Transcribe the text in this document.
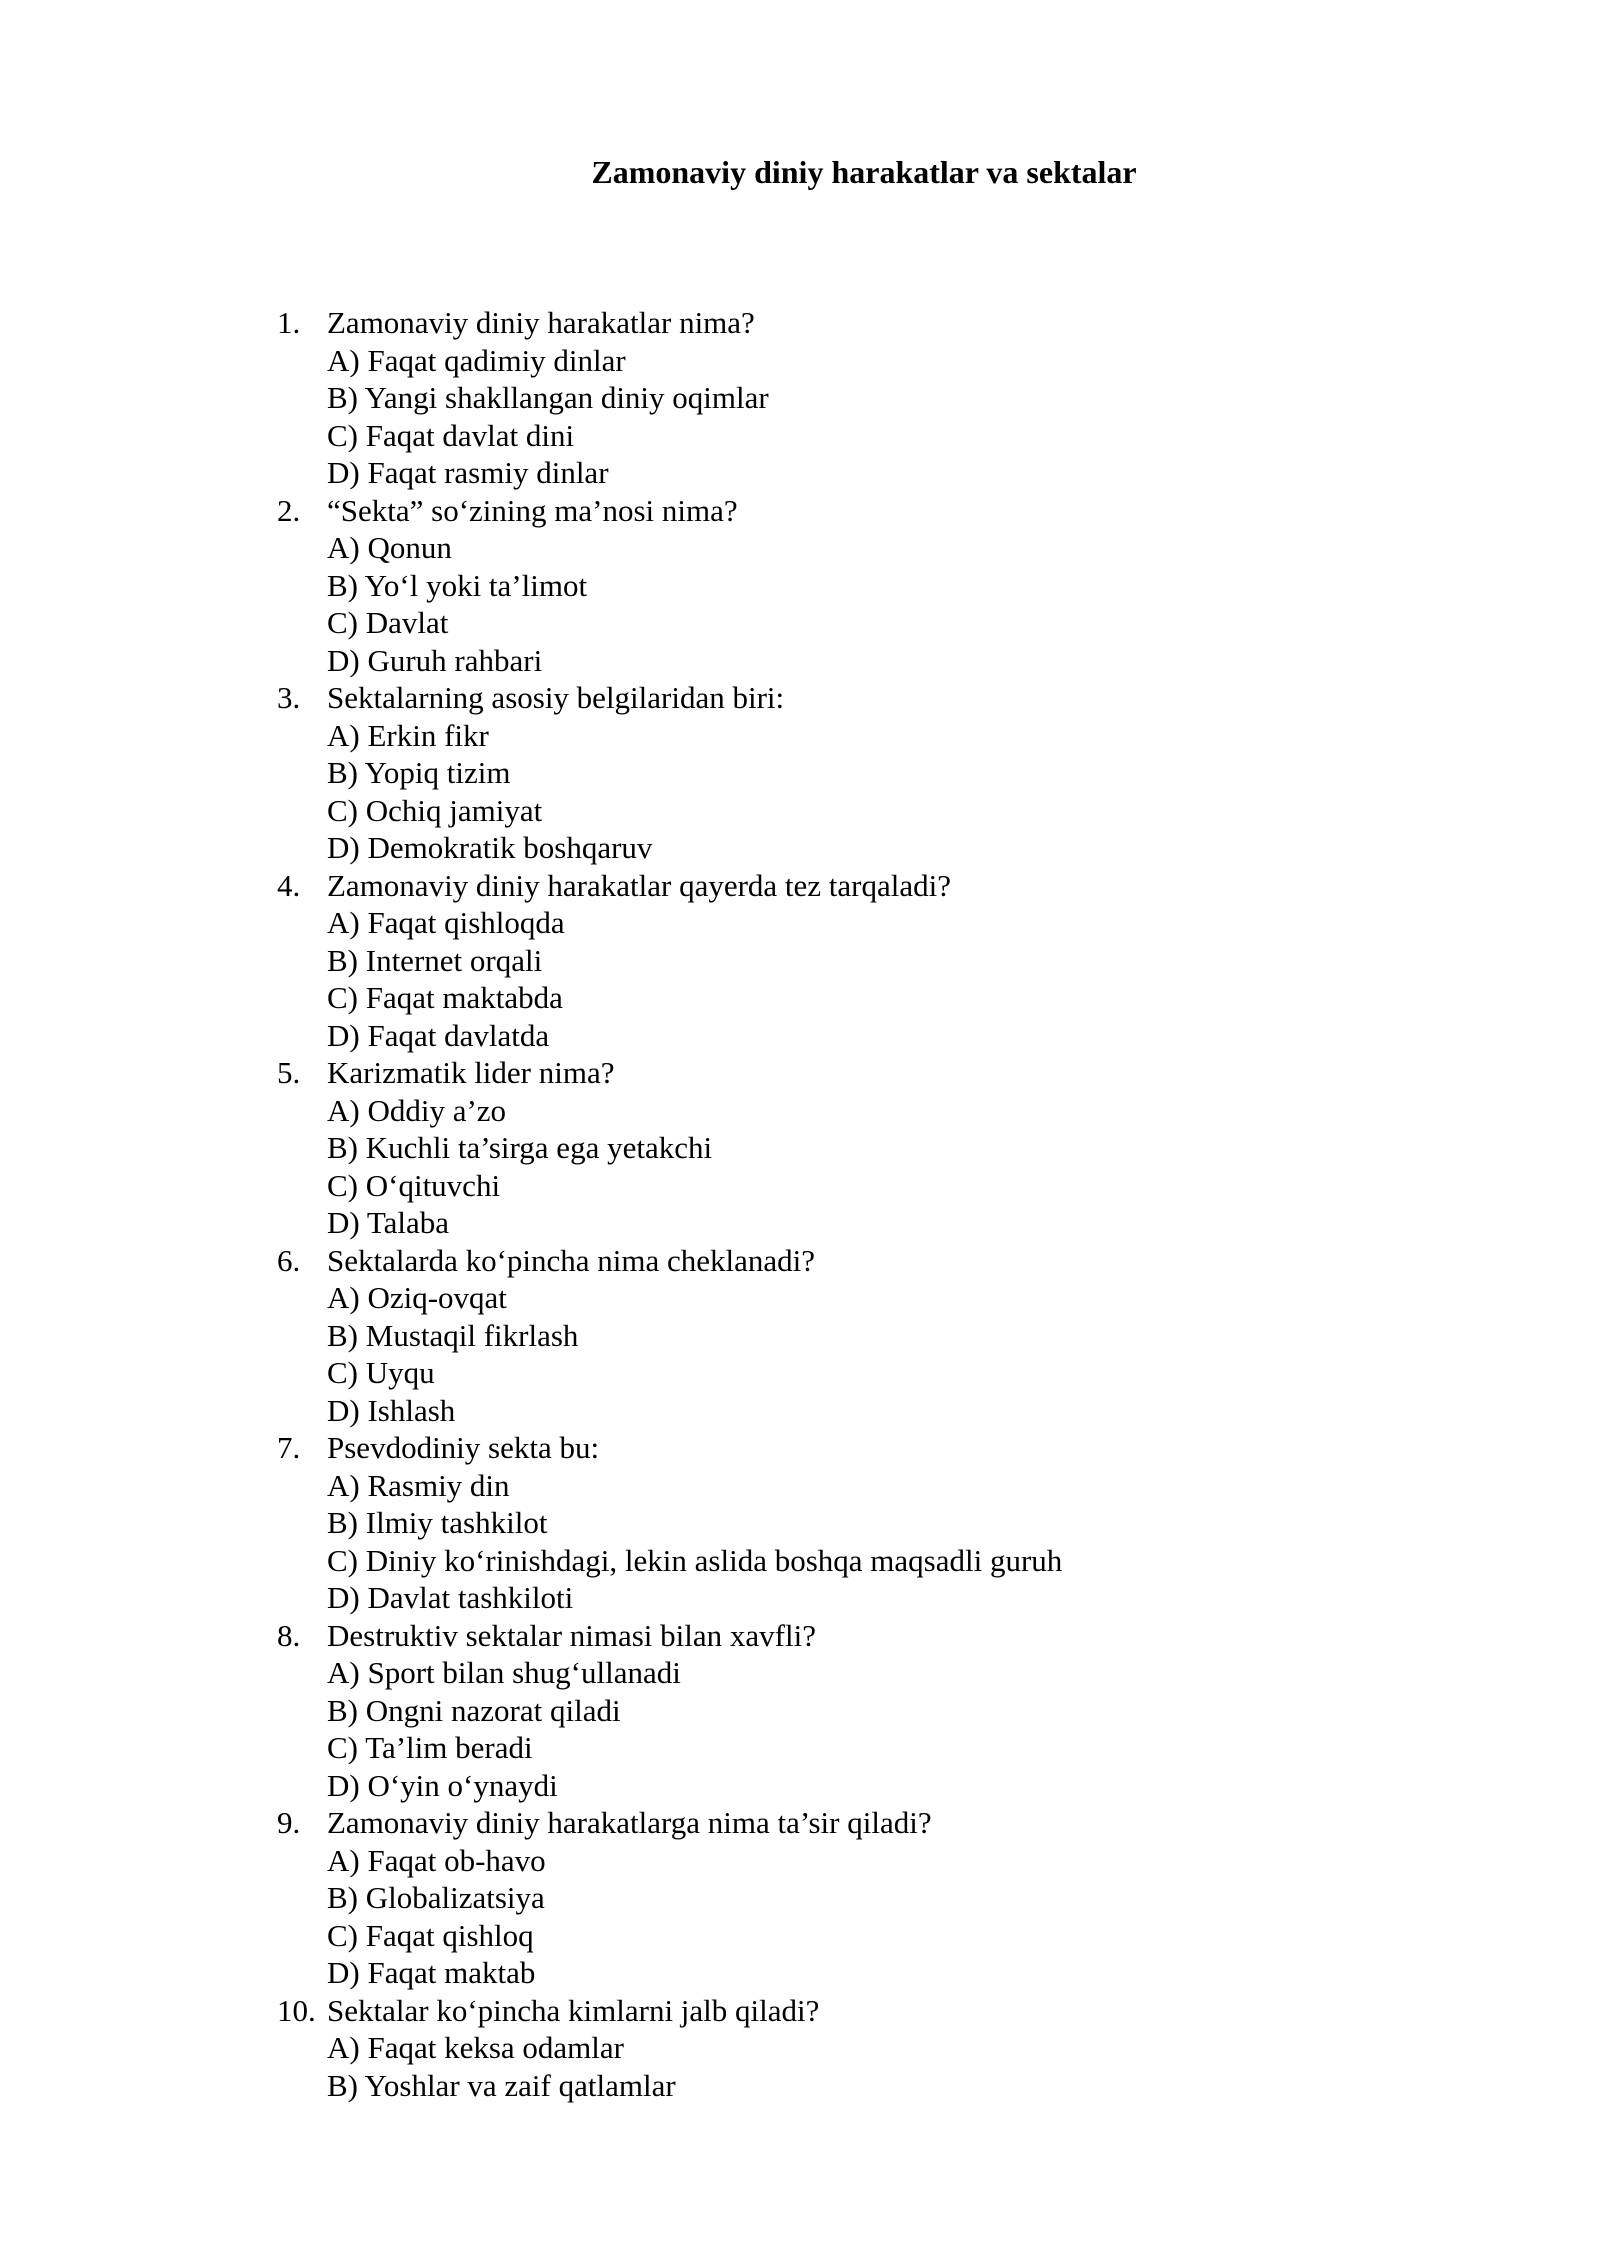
Zamonaviy diniy harakatlar va sektalar
1. Zamonaviy diniy harakatlar nima?
A) Faqat qadimiy dinlar
B) Yangi shakllangan diniy oqimlar
C) Faqat davlat dini
D) Faqat rasmiy dinlar
2. “Sekta” so‘zining ma’nosi nima?
A) Qonun
B) Yo‘l yoki ta’limot
C) Davlat
D) Guruh rahbari
3. Sektalarning asosiy belgilaridan biri:
A) Erkin fikr
B) Yopiq tizim
C) Ochiq jamiyat
D) Demokratik boshqaruv
4. Zamonaviy diniy harakatlar qayerda tez tarqaladi?
A) Faqat qishloqda
B) Internet orqali
C) Faqat maktabda
D) Faqat davlatda
5. Karizmatik lider nima?
A) Oddiy a’zo
B) Kuchli ta’sirga ega yetakchi
C) O‘qituvchi
D) Talaba
6. Sektalarda ko‘pincha nima cheklanadi?
A) Oziq-ovqat
B) Mustaqil fikrlash
C) Uyqu
D) Ishlash
7. Psevdodiniy sekta bu:
A) Rasmiy din
B) Ilmiy tashkilot
C) Diniy ko‘rinishdagi, lekin aslida boshqa maqsadli guruh
D) Davlat tashkiloti
8. Destruktiv sektalar nimasi bilan xavfli?
A) Sport bilan shug‘ullanadi
B) Ongni nazorat qiladi
C) Ta’lim beradi
D) O‘yin o‘ynaydi
9. Zamonaviy diniy harakatlarga nima ta’sir qiladi?
A) Faqat ob-havo
B) Globalizatsiya
C) Faqat qishloq
D) Faqat maktab
10. Sektalar ko‘pincha kimlarni jalb qiladi?
A) Faqat keksa odamlar
B) Yoshlar va zaif qatlamlar
